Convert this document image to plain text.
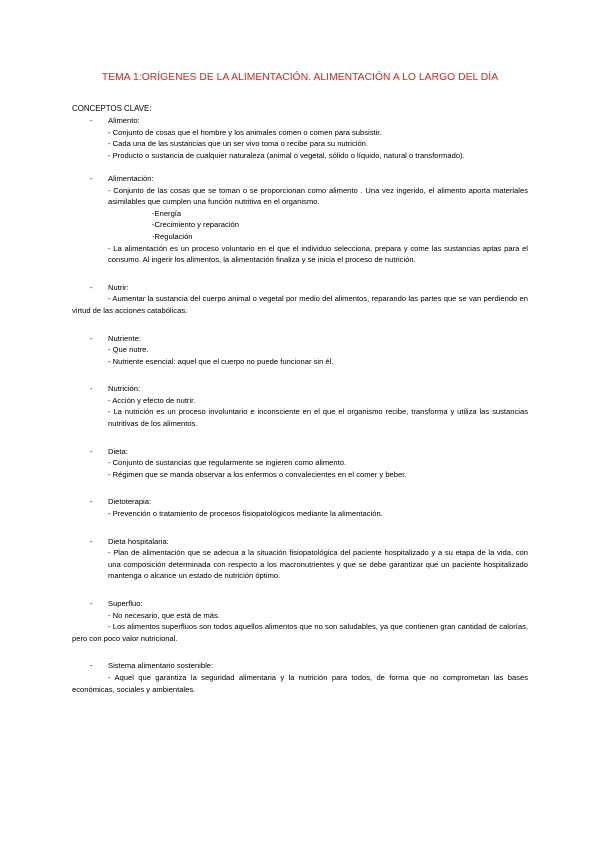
TEMA 1:ORÍGENES DE LA ALIMENTACIÓN. ALIMENTACIÓN A LO LARGO DEL DÍA
CONCEPTOS CLAVE:
- Alimento:
- Conjunto de cosas que el hombre y los animales comen o comen para subsistir.
- Cada una de las sustancias que un ser vivo toma o recibe para su nutrición.
- Producto o sustancia de cualquier naturaleza (animal o vegetal, sólido o líquido, natural o transformado).
- Alimentación:
- Conjunto de las cosas que se toman o se proporcionan como alimento . Una vez ingerido, el alimento aporta materiales asimilables que cumplen una función nutritiva en el organismo.
-Energía
-Crecimiento y reparación
-Regulación
- La alimentación es un proceso voluntario en el que el individuo selecciona, prepara y come las sustancias aptas para el consumo. Al ingerir los alimentos, la alimentación finaliza y se inicia el proceso de nutrición.
- Nutrir:
- Aumentar la sustancia del cuerpo animal o vegetal por medio del alimentos, reparando las partes que se van perdiendo en virtud de las acciones catabólicas.
- Nutriente:
- Que nutre.
- Nutriente esencial: aquel que el cuerpo no puede funcionar sin él.
- Nutrición:
- Acción y efecto de nutrir.
- La nutrición es un proceso involuntario e inconsciente en el que el organismo recibe, transforma y utiliza las sustancias nutritivas de los alimentos.
- Dieta:
- Conjunto de sustancias que regularmente se ingieren como alimento.
- Régimen que se manda observar a los enfermos o convalecientes en el comer y beber.
- Dietoterapia:
- Prevención o tratamiento de procesos fisiopatológicos mediante la alimentación.
- Dieta hospitalaria:
- Plan de alimentación que se adecua a la situación fisiopatológica del paciente hospitalizado y a su etapa de la vida, con una composición determinada con respecto a los macronutrientes y que se debe garantizar que un paciente hospitalizado mantenga o alcance un estado de nutrición óptimo.
- Superfluo:
- No necesario, que está de más.
- Los alimentos superfluos son todos aquellos alimentos que no son saludables, ya que contienen gran cantidad de calorías, pero con poco valor nutricional.
- Sistema alimentario sostenible:
- Aquel que garantiza la seguridad alimentaria y la nutrición para todos, de forma que no comprometan las bases económicas, sociales y ambientales.
